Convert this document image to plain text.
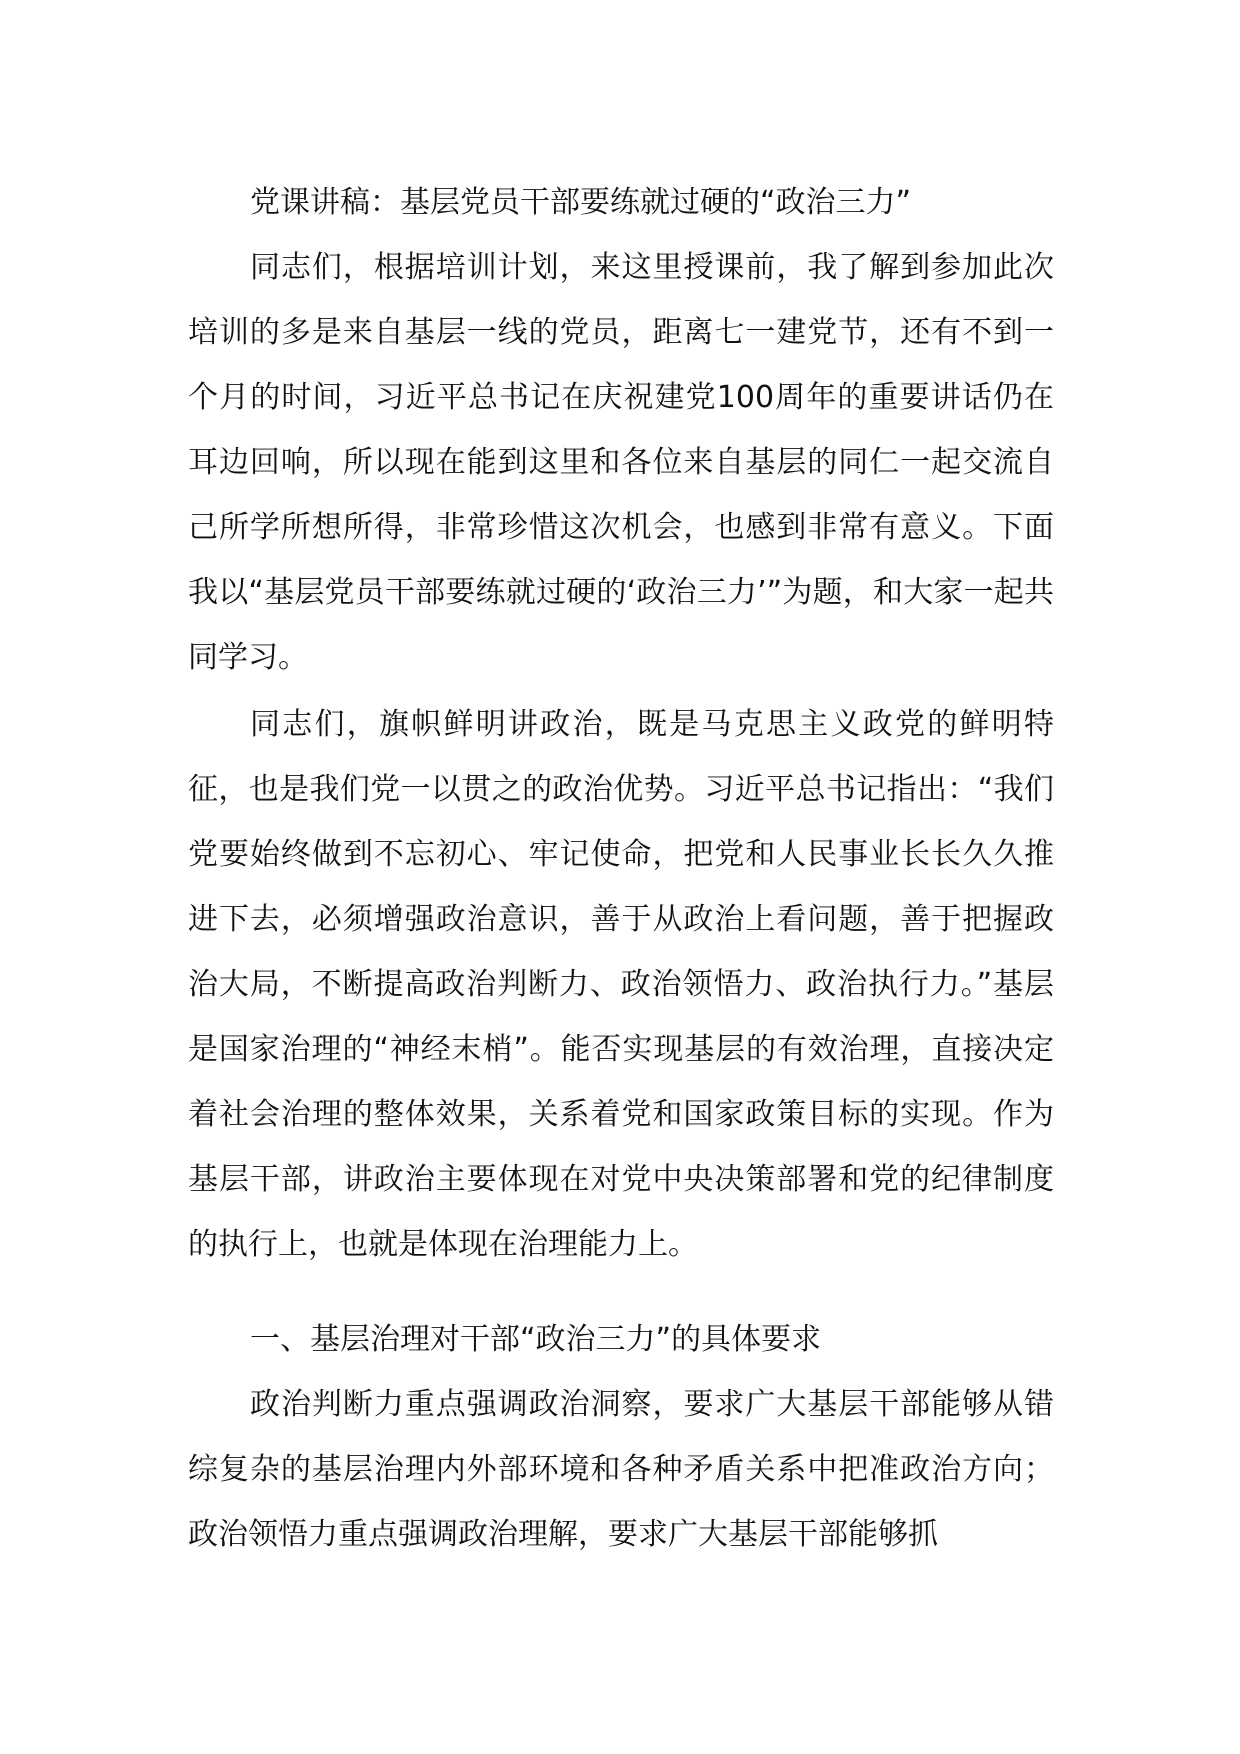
党课讲稿：基层党员干部要练就过硬的“政治三力”

同志们，根据培训计划，来这里授课前，我了解到参加此次培训的多是来自基层一线的党员，距离七一建党节，还有不到一个月的时间，习近平总书记在庆祝建党100周年的重要讲话仍在耳边回响，所以现在能到这里和各位来自基层的同仁一起交流自己所学所想所得，非常珍惜这次机会，也感到非常有意义。下面我以“基层党员干部要练就过硬的‘政治三力’”为题，和大家一起共同学习。

同志们，旗帜鲜明讲政治，既是马克思主义政党的鲜明特征，也是我们党一以贯之的政治优势。习近平总书记指出：“我们党要始终做到不忘初心、牢记使命，把党和人民事业长长久久推进下去，必须增强政治意识，善于从政治上看问题，善于把握政治大局，不断提高政治判断力、政治领悟力、政治执行力。”基层是国家治理的“神经末梢”。能否实现基层的有效治理，直接决定着社会治理的整体效果，关系着党和国家政策目标的实现。作为基层干部，讲政治主要体现在对党中央决策部署和党的纪律制度的执行上，也就是体现在治理能力上。

一、基层治理对干部“政治三力”的具体要求

政治判断力重点强调政治洞察，要求广大基层干部能够从错综复杂的基层治理内外部环境和各种矛盾关系中把准政治方向；政治领悟力重点强调政治理解，要求广大基层干部能够抓
